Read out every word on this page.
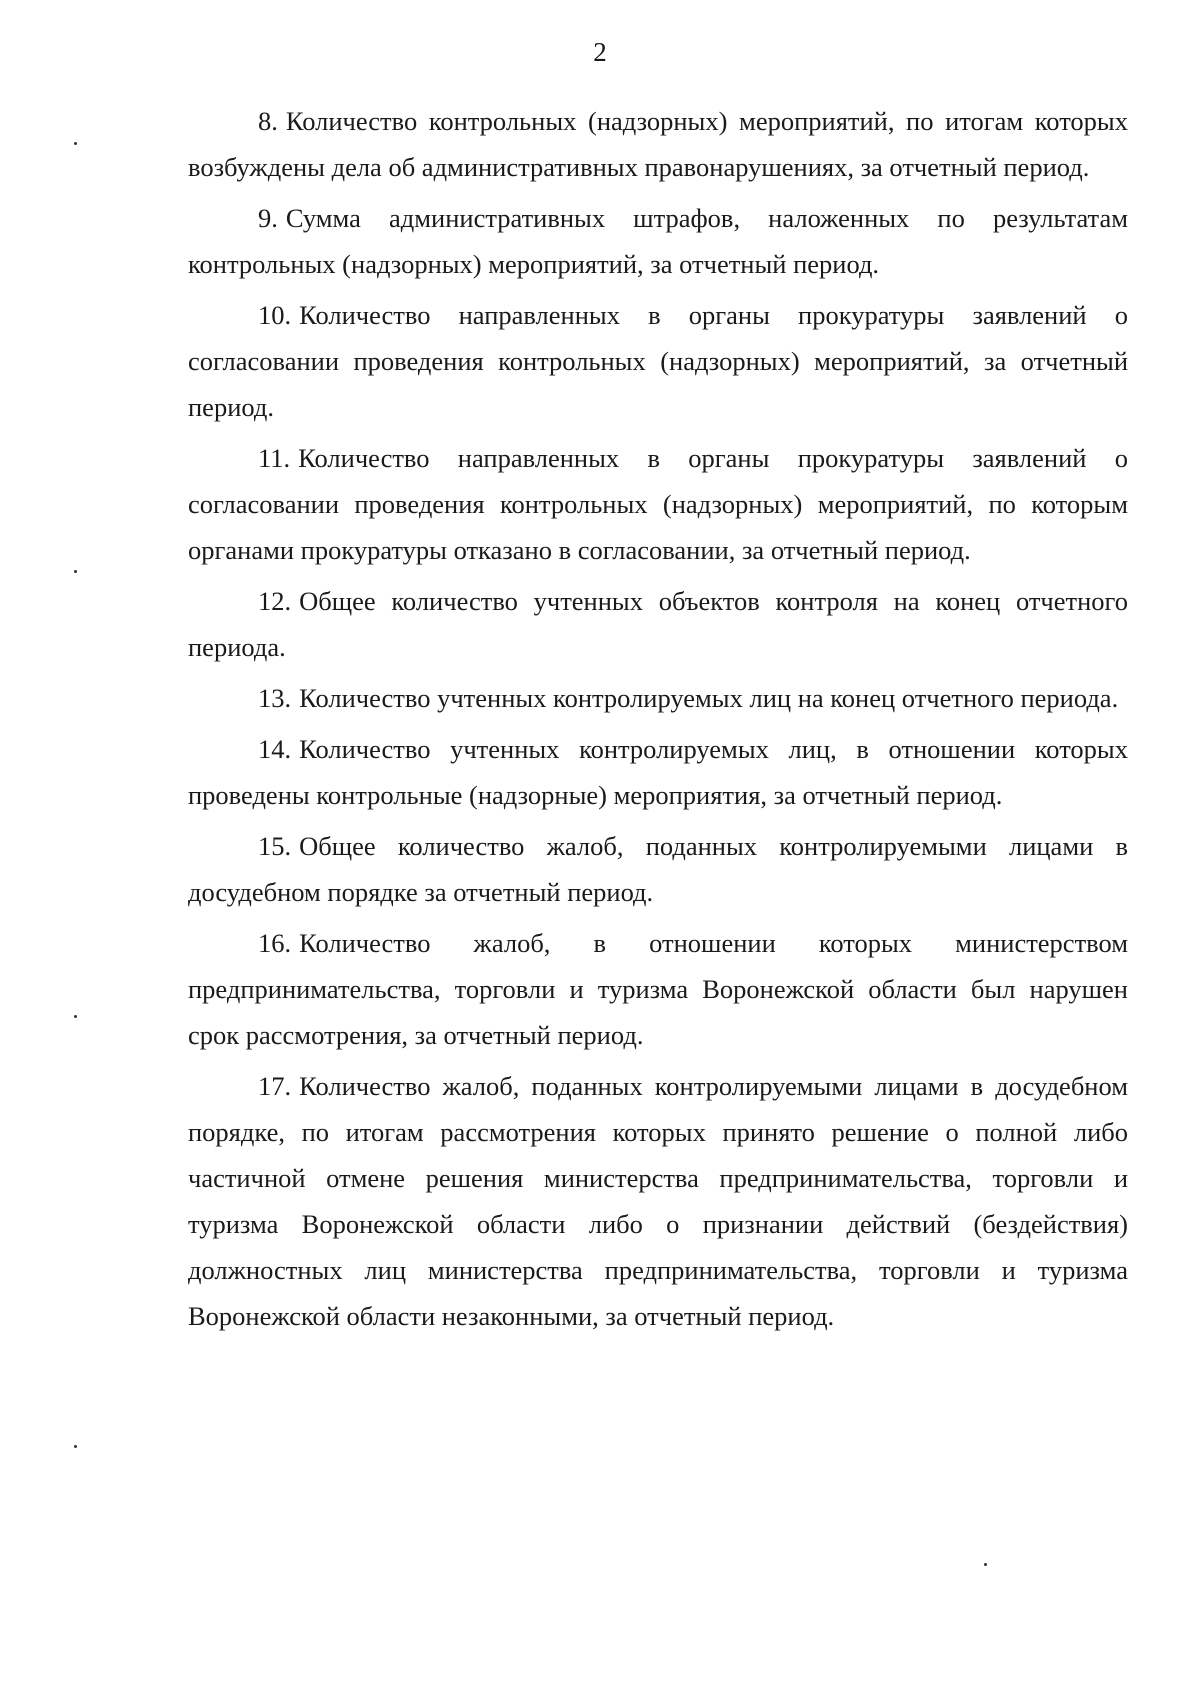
2

8. Количество контрольных (надзорных) мероприятий, по итогам которых возбуждены дела об административных правонарушениях, за отчетный период.

9. Сумма административных штрафов, наложенных по результатам контрольных (надзорных) мероприятий, за отчетный период.

10. Количество направленных в органы прокуратуры заявлений о согласовании проведения контрольных (надзорных) мероприятий, за отчетный период.

11. Количество направленных в органы прокуратуры заявлений о согласовании проведения контрольных (надзорных) мероприятий, по которым органами прокуратуры отказано в согласовании, за отчетный период.

12. Общее количество учтенных объектов контроля на конец отчетного периода.

13. Количество учтенных контролируемых лиц на конец отчетного периода.

14. Количество учтенных контролируемых лиц, в отношении которых проведены контрольные (надзорные) мероприятия, за отчетный период.

15. Общее количество жалоб, поданных контролируемыми лицами в досудебном порядке за отчетный период.

16. Количество жалоб, в отношении которых министерством предпринимательства, торговли и туризма Воронежской области был нарушен срок рассмотрения, за отчетный период.

17. Количество жалоб, поданных контролируемыми лицами в досудебном порядке, по итогам рассмотрения которых принято решение о полной либо частичной отмене решения министерства предпринимательства, торговли и туризма Воронежской области либо о признании действий (бездействия) должностных лиц министерства предпринимательства, торговли и туризма Воронежской области незаконными, за отчетный период.
